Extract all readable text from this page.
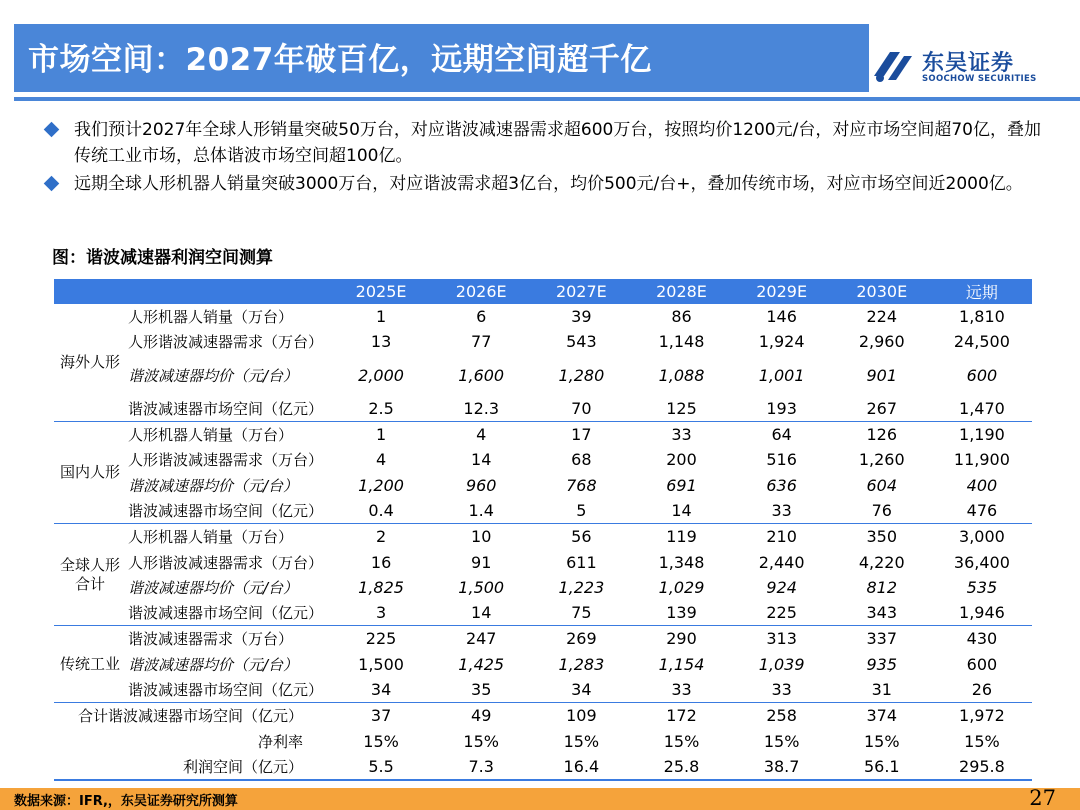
市场空间：2027年破百亿，远期空间超千亿	东吴证券
SOOCHOW SECURITIES
我们预计2027年全球人形销量突破50万台，对应谐波减速器需求超600万台，按照均价1200元/台，对应市场空间超70亿，叠加传统工业市场，总体谐波市场空间超100亿。
远期全球人形机器人销量突破3000万台，对应谐波需求超3亿台，均价500元/台+，叠加传统市场，对应市场空间近2000亿。
图：谐波减速器利润空间测算
		2025E	2026E	2027E	2028E	2029E	2030E	远期
海外人形	人形机器人销量（万台）	1	6	39	86	146	224	1,810
	人形谐波减速器需求（万台）	13	77	543	1,148	1,924	2,960	24,500
	谐波减速器均价（元/台）	2,000	1,600	1,280	1,088	1,001	901	600
	谐波减速器市场空间（亿元）	2.5	12.3	70	125	193	267	1,470
国内人形	人形机器人销量（万台）	1	4	17	33	64	126	1,190
	人形谐波减速器需求（万台）	4	14	68	200	516	1,260	11,900
	谐波减速器均价（元/台）	1,200	960	768	691	636	604	400
	谐波减速器市场空间（亿元）	0.4	1.4	5	14	33	76	476
全球人形
合计	人形机器人销量（万台）	2	10	56	119	210	350	3,000
	人形谐波减速器需求（万台）	16	91	611	1,348	2,440	4,220	36,400
	谐波减速器均价（元/台）	1,825	1,500	1,223	1,029	924	812	535
	谐波减速器市场空间（亿元）	3	14	75	139	225	343	1,946
传统工业	谐波减速器需求（万台）	225	247	269	290	313	337	430
	谐波减速器均价（元/台）	1,500	1,425	1,283	1,154	1,039	935	600
	谐波减速器市场空间（亿元）	34	35	34	33	33	31	26
合计谐波减速器市场空间（亿元）		37	49	109	172	258	374	1,972
净利率		15%	15%	15%	15%	15%	15%	15%
利润空间（亿元）		5.5	7.3	16.4	25.8	38.7	56.1	295.8
数据来源：IFR,，东吴证券研究所测算	27
